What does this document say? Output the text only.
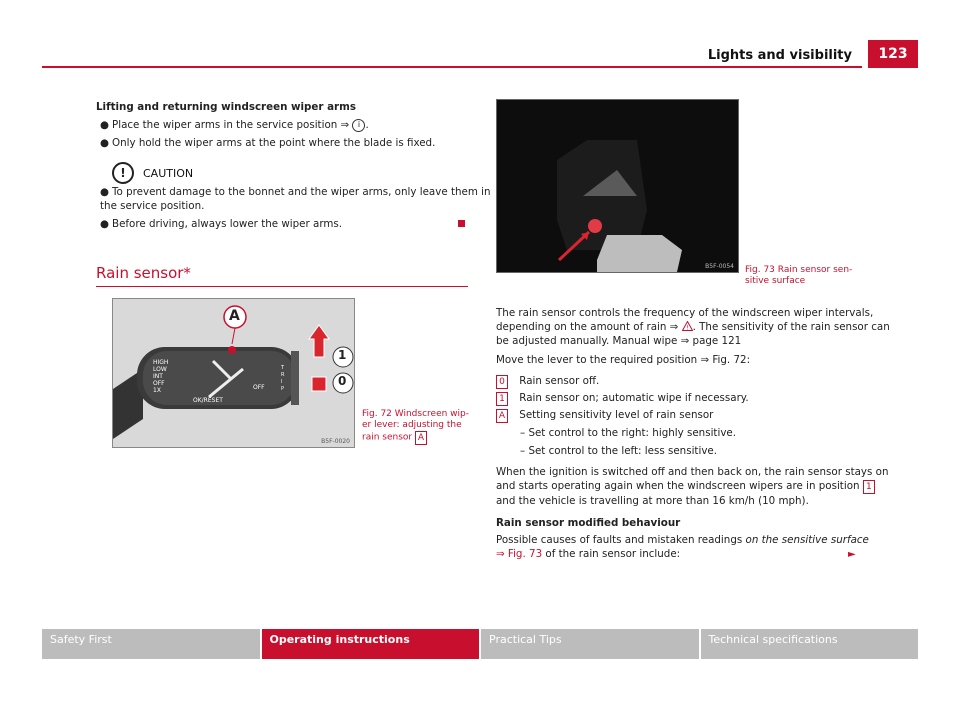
Lights and visibility	123
Lifting and returning windscreen wiper arms
● Place the wiper arms in the service position ⇒ i .
● Only hold the wiper arms at the point where the blade is fixed.
!	CAUTION
● To prevent damage to the bonnet and the wiper arms, only leave them in
the service position.
● Before driving, always lower the wiper arms.
Rain sensor*
A
1
0
HIGH
LOW
INT
OFF
1X
OK/RESET
OFF
T
R
I
P
B5F-0020
Fig. 72 Windscreen wip-
er lever: adjusting the
rain sensor A
B5F-0054 Fig. 73 Rain sensor sen-
sitive surface
The rain sensor controls the frequency of the windscreen wiper intervals,
depending on the amount of rain ⇒ ! . The sensitivity of the rain sensor can
be adjusted manually. Manual wipe ⇒ page 121
Move the lever to the required position ⇒ Fig. 72:
0 Rain sensor off.
1 Rain sensor on; automatic wipe if necessary.
A Setting sensitivity level of rain sensor
– Set control to the right: highly sensitive.
– Set control to the left: less sensitive.
When the ignition is switched off and then back on, the rain sensor stays on
and starts operating again when the windscreen wipers are in position 1
and the vehicle is travelling at more than 16 km/h (10 mph).
Rain sensor modified behaviour
Possible causes of faults and mistaken readings on the sensitive surface
⇒ Fig. 73 of the rain sensor include:	►
Safety First	Operating instructions	Practical Tips	Technical specifications
